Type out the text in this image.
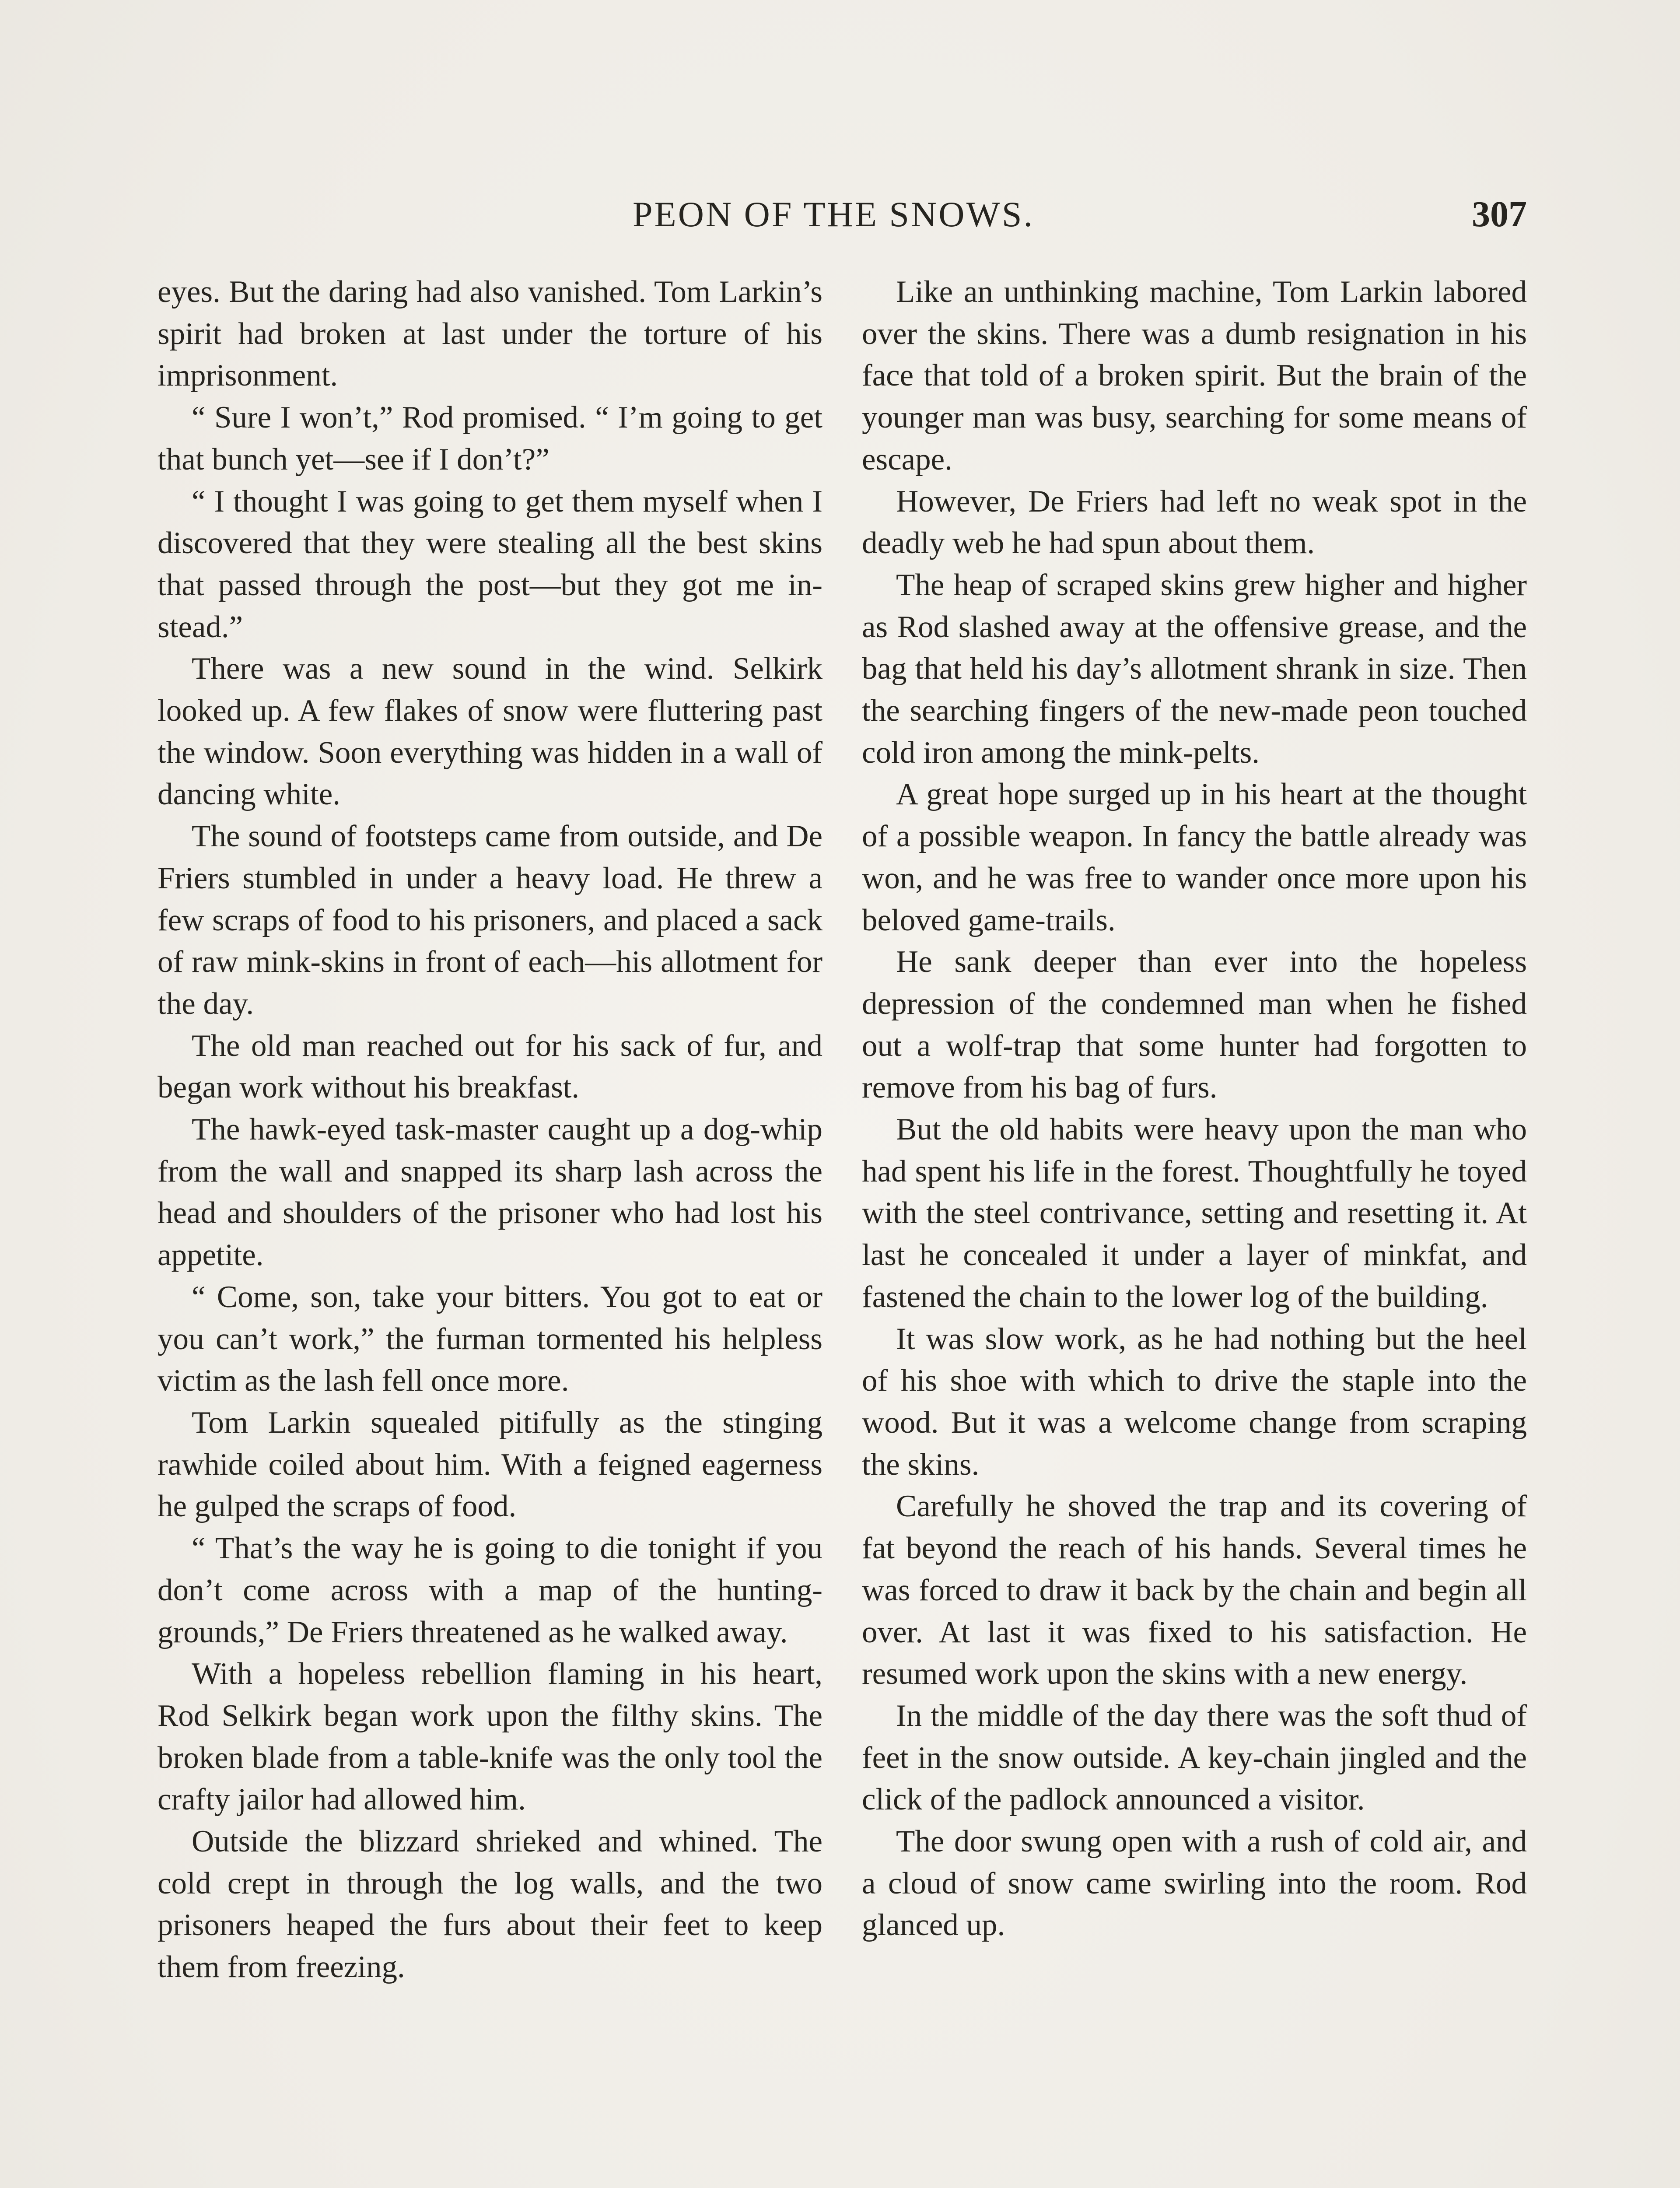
PEON OF THE SNOWS.	307

eyes. But the daring had also vanished. Tom Larkin’s spirit had broken at last under the torture of his imprisonment.

“ Sure I won’t,” Rod promised. “ I’m going to get that bunch yet—see if I don’t?”

“ I thought I was going to get them myself when I discovered that they were stealing all the best skins that passed through the post—but they got me instead.”

There was a new sound in the wind. Selkirk looked up. A few flakes of snow were fluttering past the window. Soon everything was hidden in a wall of dancing white.

The sound of footsteps came from outside, and De Friers stumbled in under a heavy load. He threw a few scraps of food to his prisoners, and placed a sack of raw mink-skins in front of each—his allotment for the day.

The old man reached out for his sack of fur, and began work without his breakfast.

The hawk-eyed task-master caught up a dog-whip from the wall and snapped its sharp lash across the head and shoulders of the prisoner who had lost his appetite.

“ Come, son, take your bitters. You got to eat or you can’t work,” the furman tormented his helpless victim as the lash fell once more.

Tom Larkin squealed pitifully as the stinging rawhide coiled about him. With a feigned eagerness he gulped the scraps of food.

“ That’s the way he is going to die tonight if you don’t come across with a map of the hunting-grounds,” De Friers threatened as he walked away.

With a hopeless rebellion flaming in his heart, Rod Selkirk began work upon the filthy skins. The broken blade from a table-knife was the only tool the crafty jailor had allowed him.

Outside the blizzard shrieked and whined. The cold crept in through the log walls, and the two prisoners heaped the furs about their feet to keep them from freezing.

Like an unthinking machine, Tom Larkin labored over the skins. There was a dumb resignation in his face that told of a broken spirit. But the brain of the younger man was busy, searching for some means of escape.

However, De Friers had left no weak spot in the deadly web he had spun about them.

The heap of scraped skins grew higher and higher as Rod slashed away at the offensive grease, and the bag that held his day’s allotment shrank in size. Then the searching fingers of the new-made peon touched cold iron among the mink-pelts.

A great hope surged up in his heart at the thought of a possible weapon. In fancy the battle already was won, and he was free to wander once more upon his beloved game-trails.

He sank deeper than ever into the hopeless depression of the condemned man when he fished out a wolf-trap that some hunter had forgotten to remove from his bag of furs.

But the old habits were heavy upon the man who had spent his life in the forest. Thoughtfully he toyed with the steel contrivance, setting and resetting it. At last he concealed it under a layer of minkfat, and fastened the chain to the lower log of the building.

It was slow work, as he had nothing but the heel of his shoe with which to drive the staple into the wood. But it was a welcome change from scraping the skins.

Carefully he shoved the trap and its covering of fat beyond the reach of his hands. Several times he was forced to draw it back by the chain and begin all over. At last it was fixed to his satisfaction. He resumed work upon the skins with a new energy.

In the middle of the day there was the soft thud of feet in the snow outside. A key-chain jingled and the click of the padlock announced a visitor.

The door swung open with a rush of cold air, and a cloud of snow came swirling into the room. Rod glanced up.
